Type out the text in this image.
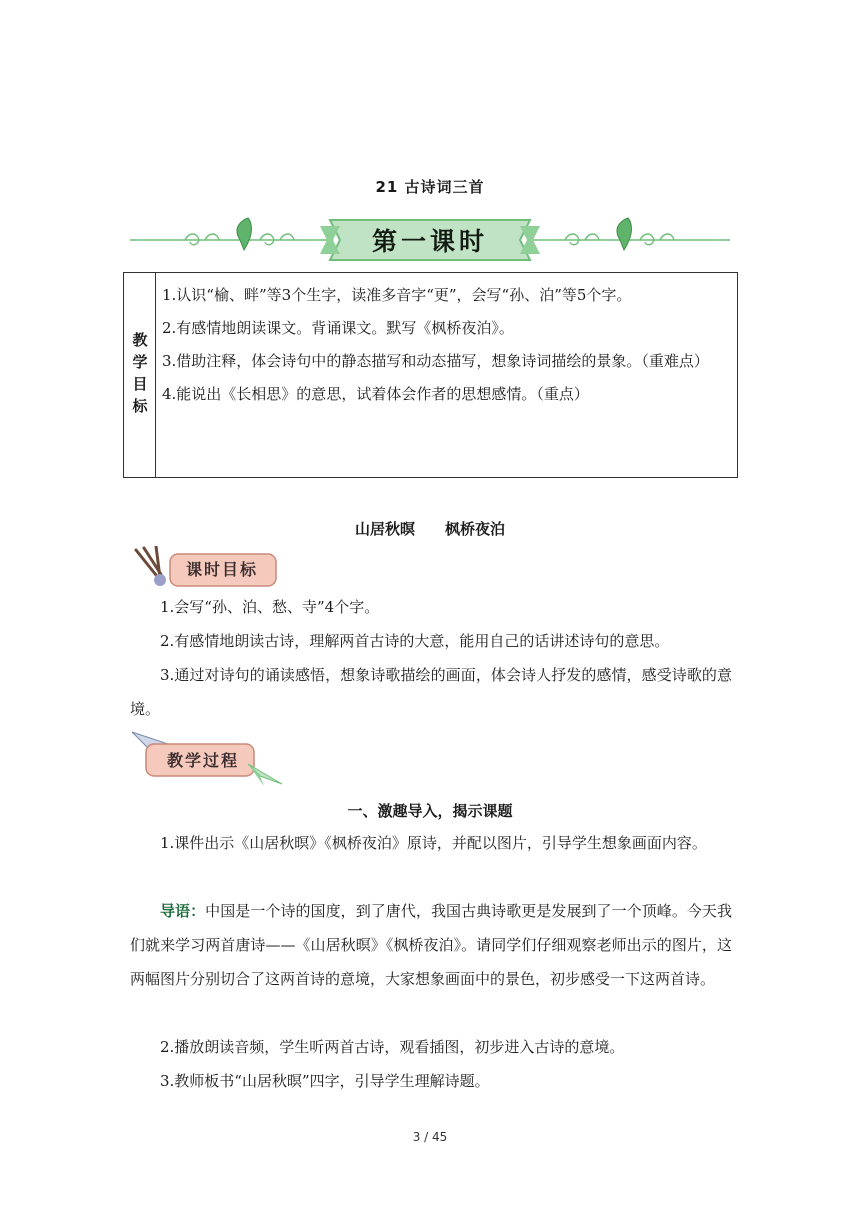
21 古诗词三首
第一课时
教
学
目
标

1.认识“榆、畔”等3个生字，读准多音字“更”，会写“孙、泊”等5个字。

2.有感情地朗读课文。背诵课文。默写《枫桥夜泊》。

3.借助注释，体会诗句中的静态描写和动态描写，想象诗词描绘的景象。（重难点）

4.能说出《长相思》的意思，试着体会作者的思想感情。（重点）

山居秋暝　　枫桥夜泊
课时目标

1.会写“孙、泊、愁、寺”4个字。

2.有感情地朗读古诗，理解两首古诗的大意，能用自己的话讲述诗句的意思。

3.通过对诗句的诵读感悟，想象诗歌描绘的画面，体会诗人抒发的感情，感受诗歌的意境。

教学过程
一、激趣导入，揭示课题

1.课件出示《山居秋暝》《枫桥夜泊》原诗，并配以图片，引导学生想象画面内容。

导语：中国是一个诗的国度，到了唐代，我国古典诗歌更是发展到了一个顶峰。今天我们就来学习两首唐诗——《山居秋暝》《枫桥夜泊》。请同学们仔细观察老师出示的图片，这两幅图片分别切合了这两首诗的意境，大家想象画面中的景色，初步感受一下这两首诗。

2.播放朗读音频，学生听两首古诗，观看插图，初步进入古诗的意境。

3.教师板书“山居秋暝”四字，引导学生理解诗题。

3 / 45
